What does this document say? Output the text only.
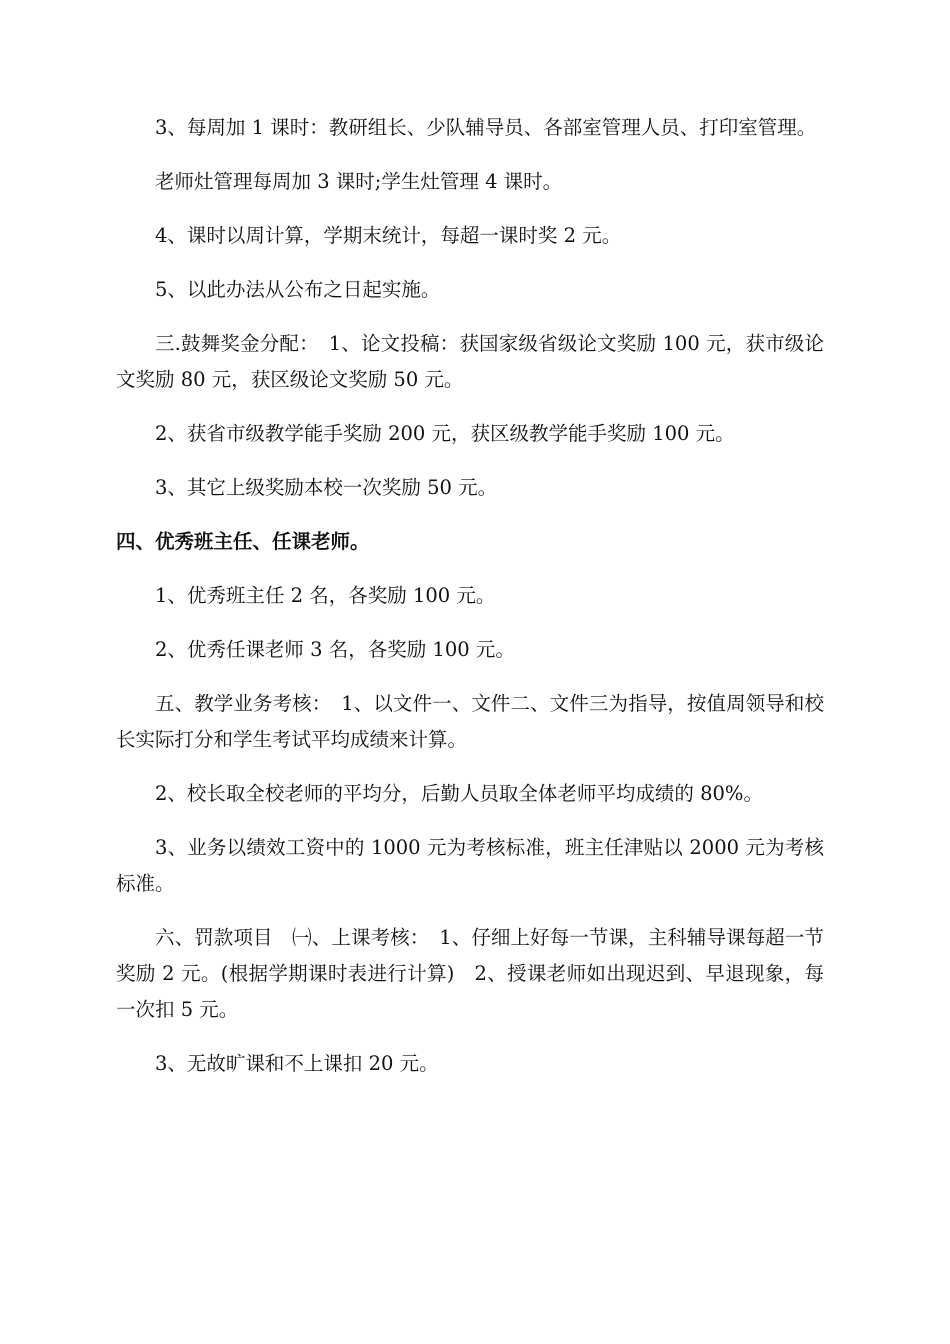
3、每周加 1 课时：教研组长、少队辅导员、各部室管理人员、打印室管理。

老师灶管理每周加 3 课时;学生灶管理 4 课时。

4、课时以周计算，学期末统计，每超一课时奖 2 元。

5、以此办法从公布之日起实施。

三.鼓舞奖金分配：　1、论文投稿：获国家级省级论文奖励 100 元，获市级论文奖励 80 元，获区级论文奖励 50 元。

2、获省市级教学能手奖励 200 元，获区级教学能手奖励 100 元。

3、其它上级奖励本校一次奖励 50 元。

四、优秀班主任、任课老师。

1、优秀班主任 2 名，各奖励 100 元。

2、优秀任课老师 3 名，各奖励 100 元。

五、教学业务考核：　1、以文件一、文件二、文件三为指导，按值周领导和校长实际打分和学生考试平均成绩来计算。

2、校长取全校老师的平均分，后勤人员取全体老师平均成绩的 80%。

3、业务以绩效工资中的 1000 元为考核标准，班主任津贴以 2000 元为考核标准。

六、罚款项目　㈠、上课考核：　1、仔细上好每一节课，主科辅导课每超一节奖励 2 元。(根据学期课时表进行计算)　2、授课老师如出现迟到、早退现象，每一次扣 5 元。

3、无故旷课和不上课扣 20 元。
